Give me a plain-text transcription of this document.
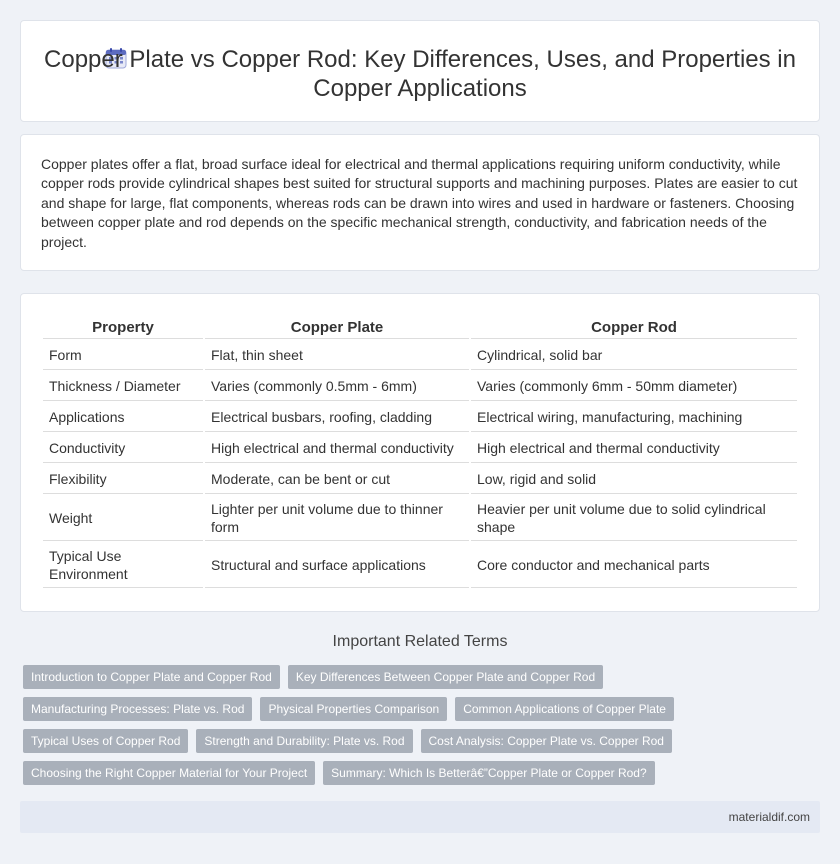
Copper Plate vs Copper Rod: Key Differences, Uses, and Properties in Copper Applications

Copper plates offer a flat, broad surface ideal for electrical and thermal applications requiring uniform conductivity, while copper rods provide cylindrical shapes best suited for structural supports and machining purposes. Plates are easier to cut and shape for large, flat components, whereas rods can be drawn into wires and used in hardware or fasteners. Choosing between copper plate and rod depends on the specific mechanical strength, conductivity, and fabrication needs of the project.

Property	Copper Plate	Copper Rod
Form	Flat, thin sheet	Cylindrical, solid bar
Thickness / Diameter	Varies (commonly 0.5mm - 6mm)	Varies (commonly 6mm - 50mm diameter)
Applications	Electrical busbars, roofing, cladding	Electrical wiring, manufacturing, machining
Conductivity	High electrical and thermal conductivity	High electrical and thermal conductivity
Flexibility	Moderate, can be bent or cut	Low, rigid and solid
Weight	Lighter per unit volume due to thinner form	Heavier per unit volume due to solid cylindrical shape
Typical Use Environment	Structural and surface applications	Core conductor and mechanical parts
Important Related Terms
Introduction to Copper Plate and Copper Rod	Key Differences Between Copper Plate and Copper Rod
Manufacturing Processes: Plate vs. Rod	Physical Properties Comparison	Common Applications of Copper Plate
Typical Uses of Copper Rod	Strength and Durability: Plate vs. Rod	Cost Analysis: Copper Plate vs. Copper Rod
Choosing the Right Copper Material for Your Project	Summary: Which Is Betterâ€”Copper Plate or Copper Rod?
materialdif.com
